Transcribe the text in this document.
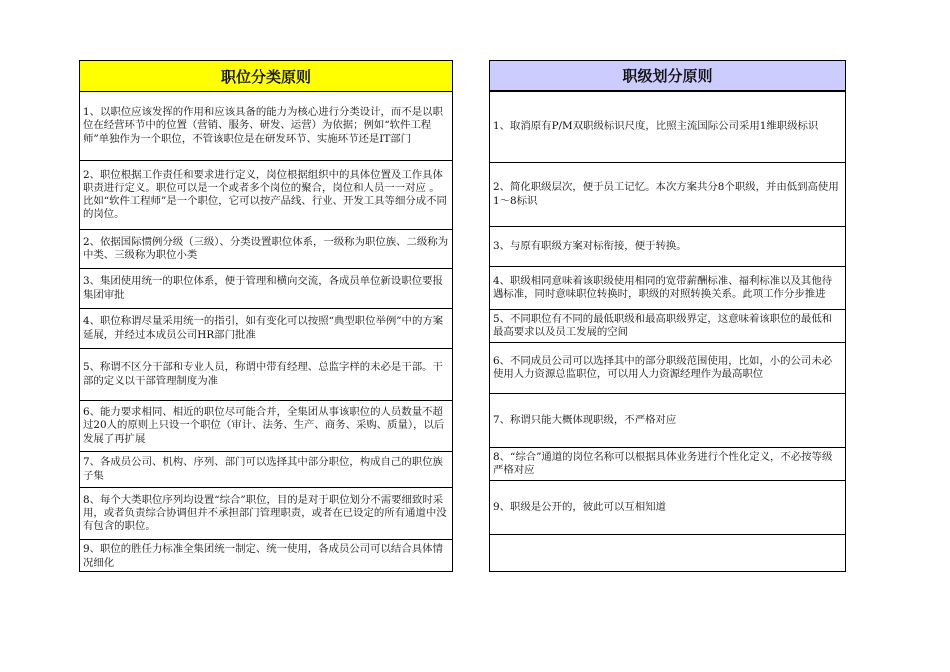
职位分类原则
1、以职位应该发挥的作用和应该具备的能力为核心进行分类设计，而不是以职位在经营环节中的位置（营销、服务、研发、运营）为依据；例如“软件工程师”单独作为一个职位，不管该职位是在研发环节、实施环节还是IT部门
2、职位根据工作责任和要求进行定义，岗位根据组织中的具体位置及工作具体职责进行定义。职位可以是一个或者多个岗位的聚合，岗位和人员一一对应 。比如“软件工程师”是一个职位，它可以按产品线、行业、开发工具等细分成不同的岗位。
2、依据国际惯例分级（三级）、分类设置职位体系，一级称为职位族、二级称为中类、三级称为职位小类
3、集团使用统一的职位体系，便于管理和横向交流，各成员单位新设职位要报集团审批
4、职位称谓尽量采用统一的指引，如有变化可以按照“典型职位举例”中的方案延展，并经过本成员公司HR部门批准
5、称谓不区分干部和专业人员，称谓中带有经理、总监字样的未必是干部。干部的定义以干部管理制度为准
6、能力要求相同、相近的职位尽可能合并，全集团从事该职位的人员数量不超过20人的原则上只设一个职位（审计、法务、生产、商务、采购、质量），以后发展了再扩展
7、各成员公司、机构、序列、部门可以选择其中部分职位，构成自己的职位族子集
8、每个大类职位序列均设置“综合”职位，目的是对于职位划分不需要细致时采用，或者负责综合协调但并不承担部门管理职责，或者在已设定的所有通道中没有包含的职位。
9、职位的胜任力标准全集团统一制定、统一使用，各成员公司可以结合具体情况细化
职级划分原则
1、取消原有P/M双职级标识尺度，比照主流国际公司采用1维职级标识
2、简化职级层次，便于员工记忆。本次方案共分8个职级，并由低到高使用1～8标识
3、与原有职级方案对标衔接，便于转换。
4、职级相同意味着该职级使用相同的宽带薪酬标准、福利标准以及其他待遇标准，同时意味职位转换时，职级的对照转换关系。此项工作分步推进
5、不同职位有不同的最低职级和最高职级界定，这意味着该职位的最低和最高要求以及员工发展的空间
6、不同成员公司可以选择其中的部分职级范围使用，比如，小的公司未必使用人力资源总监职位，可以用人力资源经理作为最高职位
7、称谓只能大概体现职级，不严格对应
8、“综合”通道的岗位名称可以根据具体业务进行个性化定义，不必按等级严格对应
9、职级是公开的，彼此可以互相知道
